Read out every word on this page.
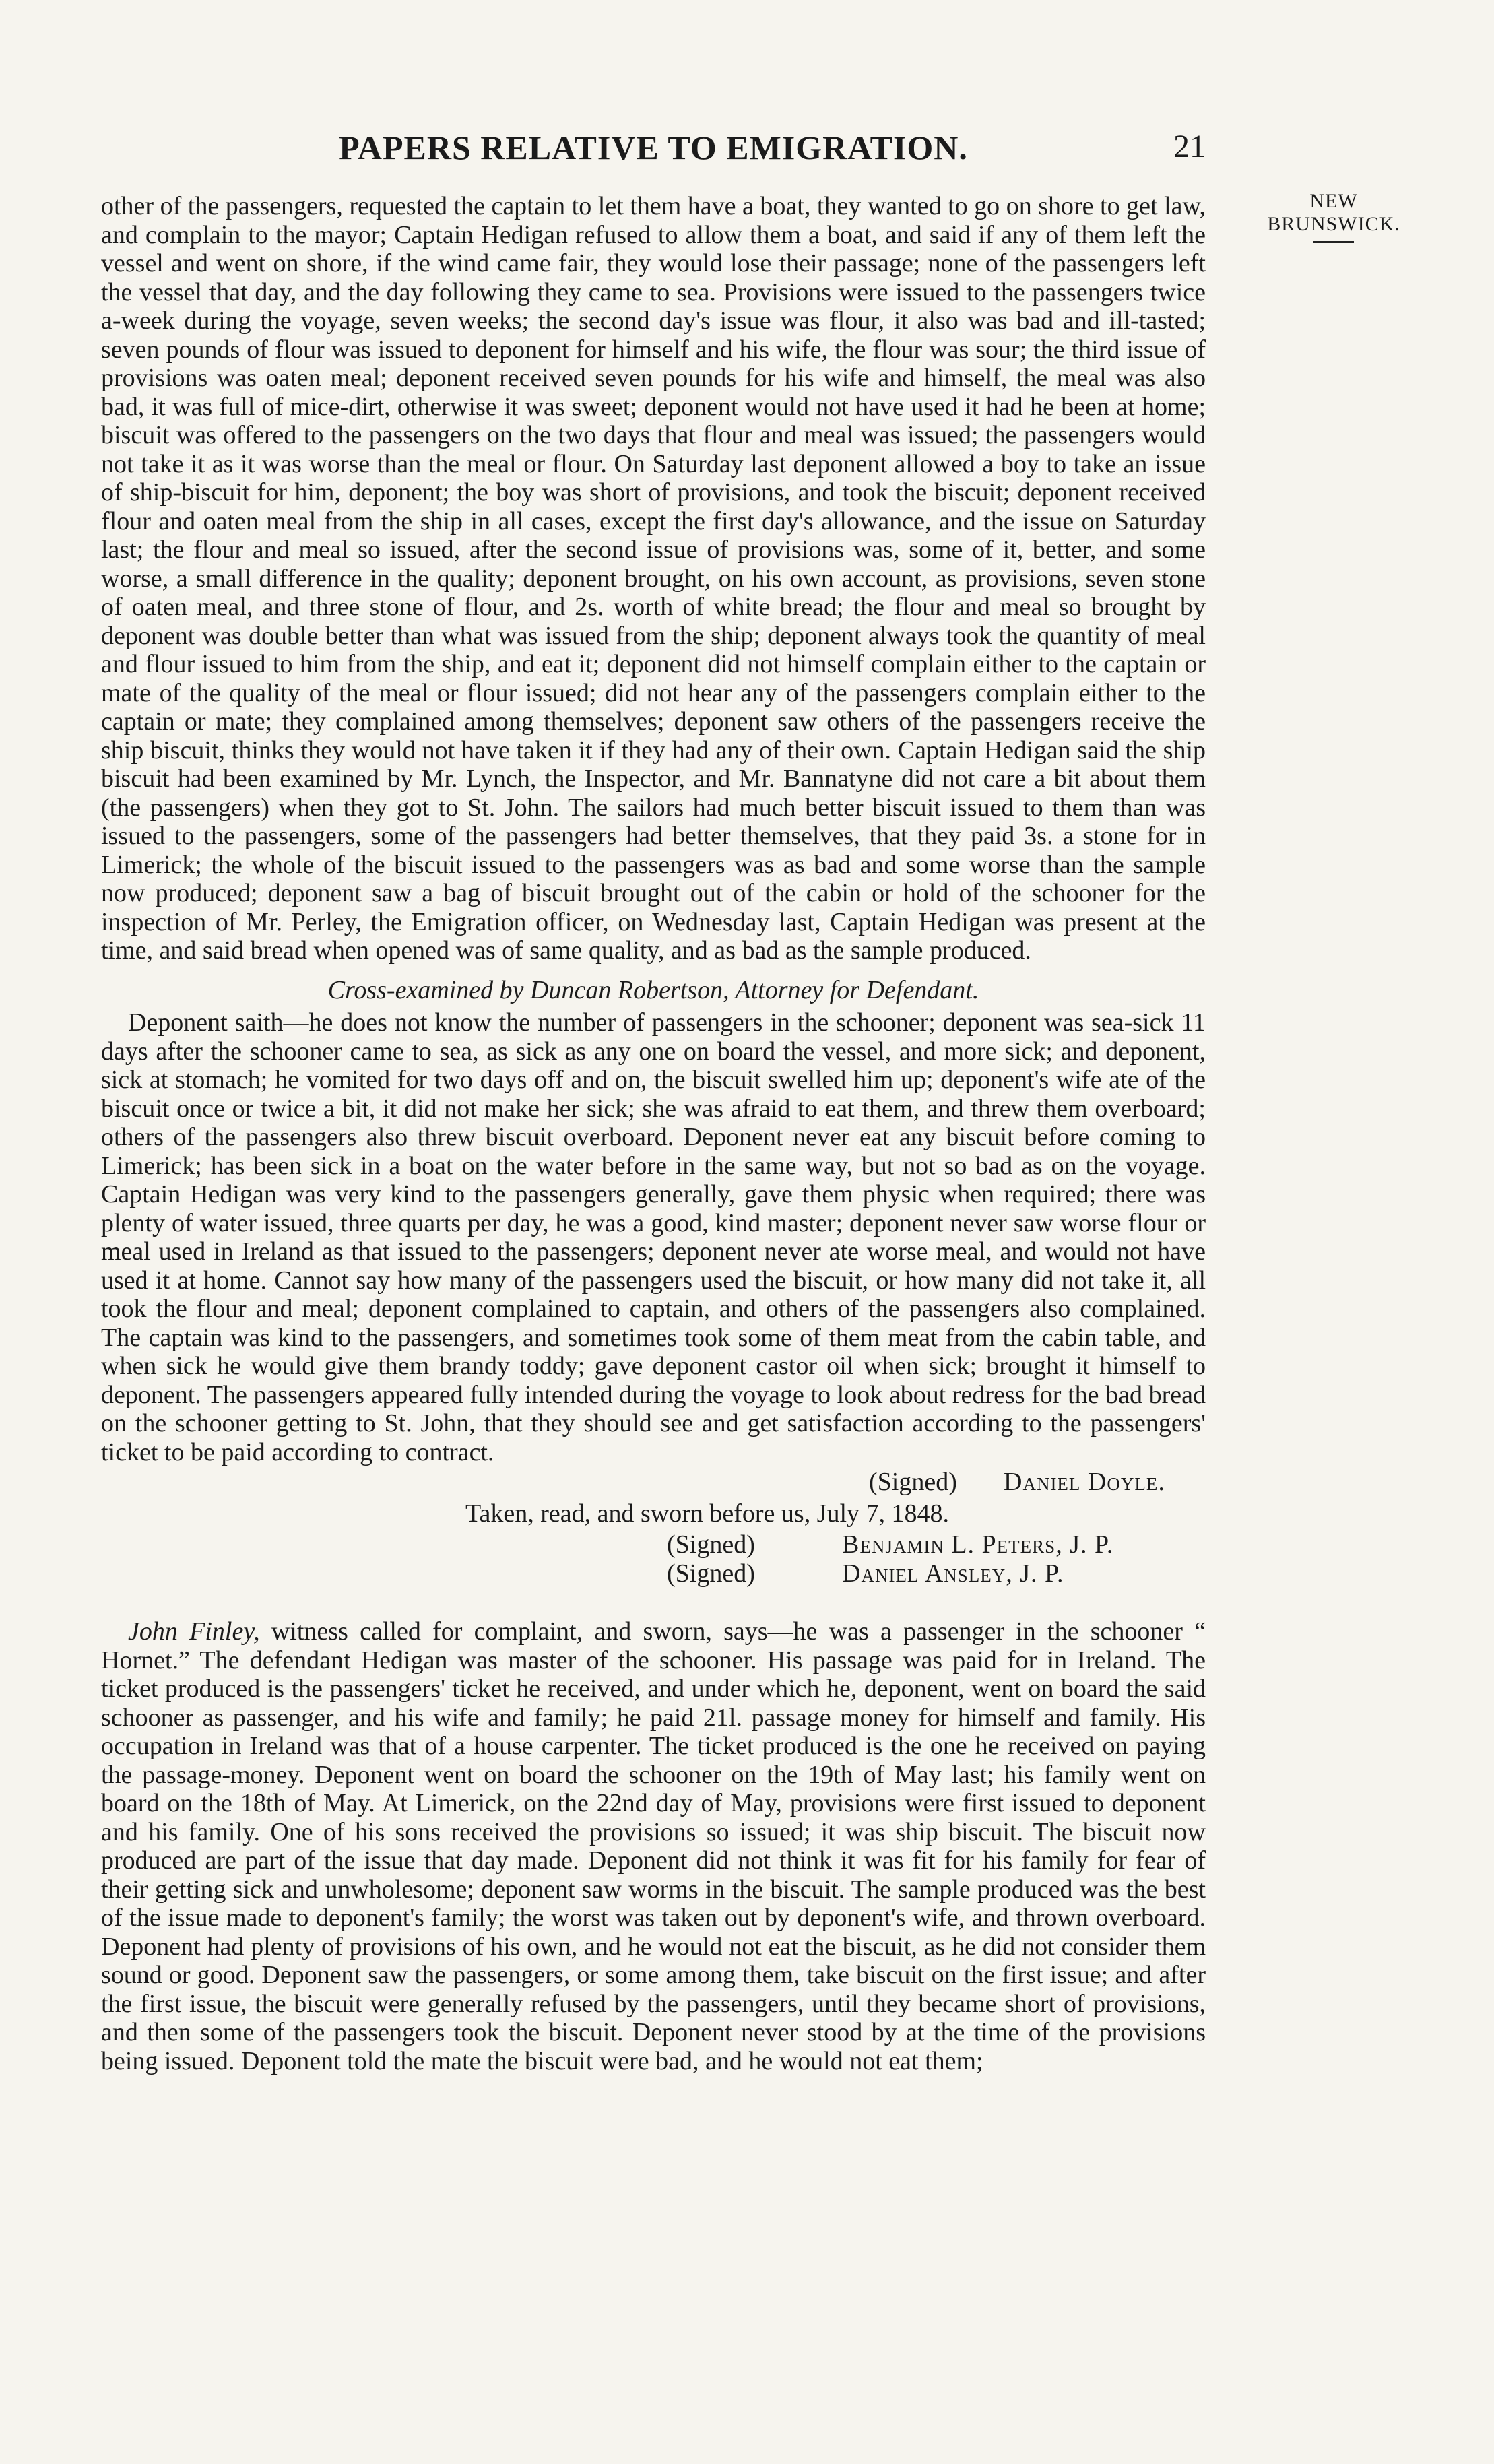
PAPERS RELATIVE TO EMIGRATION.	21
NEW
BRUNSWICK.

other of the passengers, requested the captain to let them have a boat, they wanted to go on shore to get law, and complain to the mayor; Captain Hedigan refused to allow them a boat, and said if any of them left the vessel and went on shore, if the wind came fair, they would lose their passage; none of the passengers left the vessel that day, and the day following they came to sea. Provisions were issued to the passengers twice a-week during the voyage, seven weeks; the second day's issue was flour, it also was bad and ill-tasted; seven pounds of flour was issued to deponent for himself and his wife, the flour was sour; the third issue of provisions was oaten meal; deponent received seven pounds for his wife and himself, the meal was also bad, it was full of mice-dirt, otherwise it was sweet; deponent would not have used it had he been at home; biscuit was offered to the passengers on the two days that flour and meal was issued; the passengers would not take it as it was worse than the meal or flour. On Saturday last deponent allowed a boy to take an issue of ship-biscuit for him, deponent; the boy was short of provisions, and took the biscuit; deponent received flour and oaten meal from the ship in all cases, except the first day's allowance, and the issue on Saturday last; the flour and meal so issued, after the second issue of provisions was, some of it, better, and some worse, a small difference in the quality; deponent brought, on his own account, as provisions, seven stone of oaten meal, and three stone of flour, and 2s. worth of white bread; the flour and meal so brought by deponent was double better than what was issued from the ship; deponent always took the quantity of meal and flour issued to him from the ship, and eat it; deponent did not himself complain either to the captain or mate of the quality of the meal or flour issued; did not hear any of the passengers complain either to the captain or mate; they complained among themselves; deponent saw others of the passengers receive the ship biscuit, thinks they would not have taken it if they had any of their own. Captain Hedigan said the ship biscuit had been examined by Mr. Lynch, the Inspector, and Mr. Bannatyne did not care a bit about them (the passengers) when they got to St. John. The sailors had much better biscuit issued to them than was issued to the passengers, some of the passengers had better themselves, that they paid 3s. a stone for in Limerick; the whole of the biscuit issued to the passengers was as bad and some worse than the sample now produced; deponent saw a bag of biscuit brought out of the cabin or hold of the schooner for the inspection of Mr. Perley, the Emigration officer, on Wednesday last, Captain Hedigan was present at the time, and said bread when opened was of same quality, and as bad as the sample produced.

Cross-examined by Duncan Robertson, Attorney for Defendant.

Deponent saith—he does not know the number of passengers in the schooner; deponent was sea-sick 11 days after the schooner came to sea, as sick as any one on board the vessel, and more sick; and deponent, sick at stomach; he vomited for two days off and on, the biscuit swelled him up; deponent's wife ate of the biscuit once or twice a bit, it did not make her sick; she was afraid to eat them, and threw them overboard; others of the passengers also threw biscuit overboard. Deponent never eat any biscuit before coming to Limerick; has been sick in a boat on the water before in the same way, but not so bad as on the voyage. Captain Hedigan was very kind to the passengers generally, gave them physic when required; there was plenty of water issued, three quarts per day, he was a good, kind master; deponent never saw worse flour or meal used in Ireland as that issued to the passengers; deponent never ate worse meal, and would not have used it at home. Cannot say how many of the passengers used the biscuit, or how many did not take it, all took the flour and meal; deponent complained to captain, and others of the passengers also complained. The captain was kind to the passengers, and sometimes took some of them meat from the cabin table, and when sick he would give them brandy toddy; gave deponent castor oil when sick; brought it himself to deponent. The passengers appeared fully intended during the voyage to look about redress for the bad bread on the schooner getting to St. John, that they should see and get satisfaction according to the passengers' ticket to be paid according to contract.

(Signed)	Daniel Doyle.

Taken, read, and sworn before us, July 7, 1848.

(Signed)	Benjamin L. Peters, J. P.
(Signed)	Daniel Ansley, J. P.

John Finley, witness called for complaint, and sworn, says—he was a passenger in the schooner “ Hornet.” The defendant Hedigan was master of the schooner. His passage was paid for in Ireland. The ticket produced is the passengers' ticket he received, and under which he, deponent, went on board the said schooner as passenger, and his wife and family; he paid 21l. passage money for himself and family. His occupation in Ireland was that of a house carpenter. The ticket produced is the one he received on paying the passage-money. Deponent went on board the schooner on the 19th of May last; his family went on board on the 18th of May. At Limerick, on the 22nd day of May, provisions were first issued to deponent and his family. One of his sons received the provisions so issued; it was ship biscuit. The biscuit now produced are part of the issue that day made. Deponent did not think it was fit for his family for fear of their getting sick and unwholesome; deponent saw worms in the biscuit. The sample produced was the best of the issue made to deponent's family; the worst was taken out by deponent's wife, and thrown overboard. Deponent had plenty of provisions of his own, and he would not eat the biscuit, as he did not consider them sound or good. Deponent saw the passengers, or some among them, take biscuit on the first issue; and after the first issue, the biscuit were generally refused by the passengers, until they became short of provisions, and then some of the passengers took the biscuit. Deponent never stood by at the time of the provisions being issued. Deponent told the mate the biscuit were bad, and he would not eat them;
